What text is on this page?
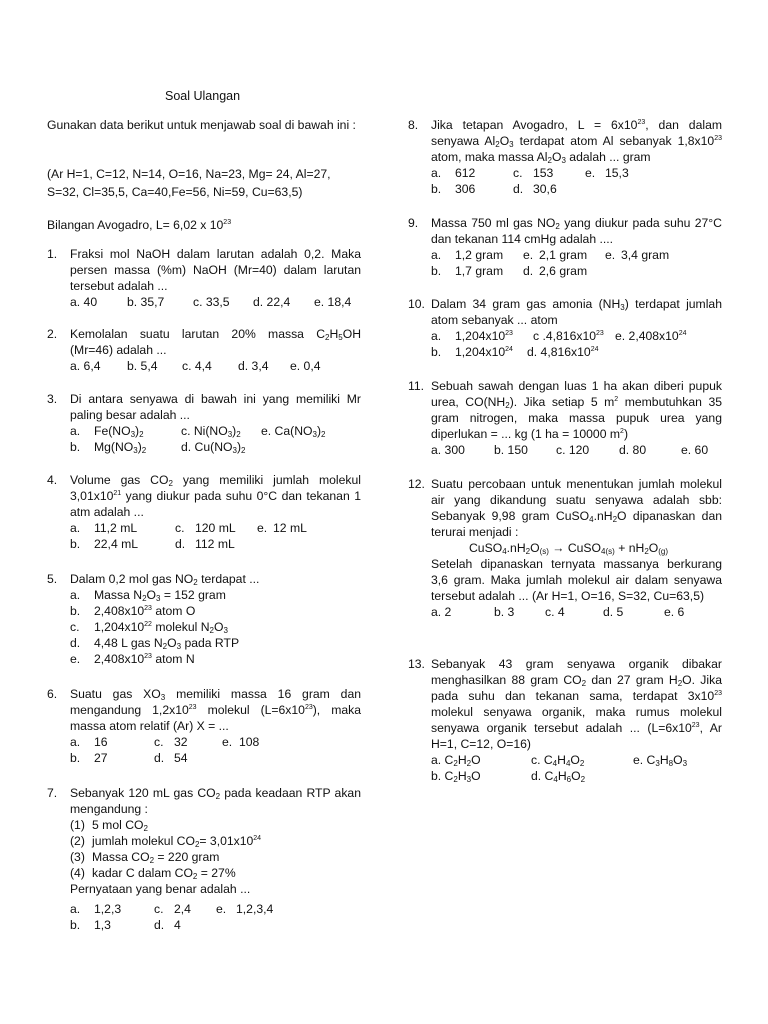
Soal Ulangan
Gunakan data berikut untuk menjawab soal di bawah ini :
(Ar H=1, C=12, N=14, O=16, Na=23, Mg= 24, Al=27,
S=32, Cl=35,5, Ca=40,Fe=56, Ni=59, Cu=63,5)
Bilangan Avogadro, L= 6,02 x $10^{23}$
1.	Fraksi mol NaOH dalam larutan adalah 0,2. Maka persen massa (%m) NaOH (Mr=40) dalam larutan tersebut adalah ...
a. 40 b. 35,7 c. 33,5 d. 22,4 e. 18,4
2.	Kemolalan suatu larutan 20% massa $C_2H_5OH$ (Mr=46) adalah ...
a. 6,4 b. 5,4 c. 4,4 d. 3,4 e. 0,4
3.	Di antara senyawa di bawah ini yang memiliki Mr paling besar adalah ...
a. $Fe(NO_3)_2$	c. $Ni(NO_3)_2$ e. $Ca(NO_3)_2$
b. $Mg(NO_3)_2$	d. $Cu(NO_3)_2$
4.	Volume gas $CO_2$ yang memiliki jumlah molekul $3,01x10^{21}$ yang diukur pada suhu 0°C dan tekanan 1 atm adalah ...
a. 11,2 mL	c. 120 mL e. 12 mL
b. 22,4 mL	d. 112 mL
5.	Dalam 0,2 mol gas $NO_2$ terdapat ...
a. Massa $N_2O_3 = 152$ gram
b. $2,408x10^{23}$ atom O
c. $1,204x10^{22}$ molekul $N_2O_3$
d. 4,48 L gas $N_2O_3$ pada RTP
e. $2,408x10^{23}$ atom N
6.	Suatu gas $XO_3$ memiliki massa 16 gram dan mengandung $1,2x10^{23}$ molekul $(L=6x10^{23})$, maka massa atom relatif (Ar) X = ...
a. 16	c. 32	e. 108
b. 27	d. 54
7.	Sebanyak 120 mL gas $CO_2$ pada keadaan RTP akan mengandung :
(1) 5 mol $CO_2$
(2) jumlah molekul $CO_2= 3,01x10^{24}$
(3) Massa $CO_2 = 220$ gram
(4) kadar C dalam $CO_2 = 27\%$
Pernyataan yang benar adalah ...
a. 1,2,3	c. 2,4 e. 1,2,3,4
b. 1,3	d. 4
8.	Jika tetapan Avogadro, $L = 6x10^{23}$, dan dalam senyawa $Al_2O_3$ terdapat atom Al sebanyak $1,8x10^{23}$ atom, maka massa $Al_2O_3$ adalah ... gram
a. 612	c. 153	e. 15,3
b. 306	d. 30,6
9.	Massa 750 ml gas $NO_2$ yang diukur pada suhu 27°C dan tekanan 114 cmHg adalah ....
a. 1,2 gram e. 2,1 gram e. 3,4 gram
b. 1,7 gram d. 2,6 gram
10. Dalam 34 gram gas amonia $(NH_3)$ terdapat jumlah atom sebanyak ... atom
a. $1,204x10^{23}$ c $.4,816x10^{23}$ e. $2,408x10^{24}$
b. $1,204x10^{24}$ d. $4,816x10^{24}$
11. Sebuah sawah dengan luas 1 ha akan diberi pupuk urea, $CO(NH_2)$. Jika setiap 5 $m^2$ membutuhkan 35 gram nitrogen, maka massa pupuk urea yang diperlukan = ... kg (1 ha = 10000 $m^2$)
a. 300 b. 150 c. 120 d. 80	e. 60
12. Suatu percobaan untuk menentukan jumlah molekul air yang dikandung suatu senyawa adalah sbb: Sebanyak 9,98 gram $CuSO_4.nH_2O$ dipanaskan dan terurai menjadi :
$CuSO_4.nH_2O_{(s)}$ → CuSO$_{4(s)}$ + $nH_2O_{(g)}$
Setelah dipanaskan ternyata massanya berkurang 3,6 gram. Maka jumlah molekul air dalam senyawa tersebut adalah ... (Ar H=1, O=16, S=32, Cu=63,5)
a. 2	b. 3	c. 4	d. 5	e. 6
13. Sebanyak 43 gram senyawa organik dibakar menghasilkan 88 gram $CO_2$ dan 27 gram $H_2O$. Jika pada suhu dan tekanan sama, terdapat $3x10^{23}$ molekul senyawa organik, maka rumus molekul senyawa organik tersebut adalah ... ($L=6x10^{23}$, Ar H=1, C=12, O=16)
a. $C_2H_2O$	c. $C_4H_4O_2$	e. $C_3H_8O_3$
b. $C_2H_3O$	d. $C_4H_6O_2$
